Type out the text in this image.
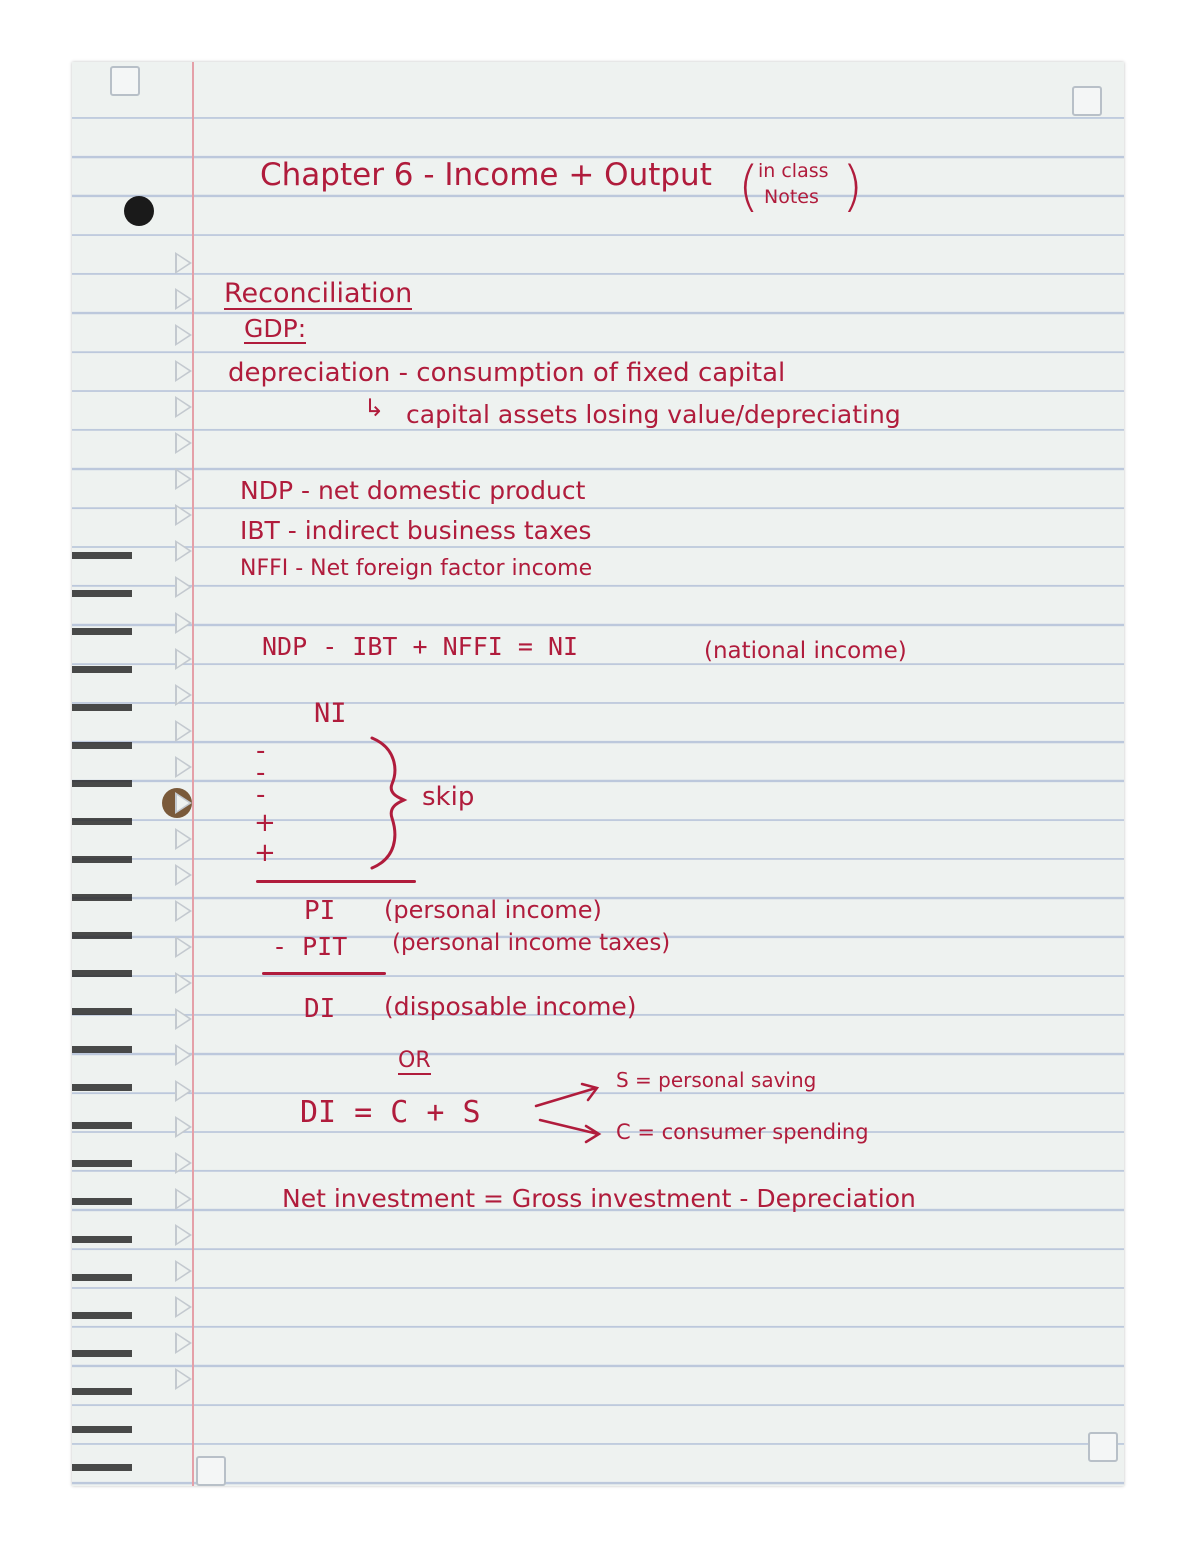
Chapter 6 - Income + Output (
in class
Notes )
Reconciliation
GDP:
depreciation - consumption of fixed capital
↳ capital assets losing value/depreciating
NDP - net domestic product
IBT - indirect business taxes
NFFI - Net foreign factor income
NDP - IBT + NFFI = NI	(national income)
NI
-
-
-
+
+
skip
PI (personal income)
- PIT (personal income taxes)
DI (disposable income)
OR
DI = C + S
S = personal saving
C = consumer spending
Net investment = Gross investment - Depreciation
